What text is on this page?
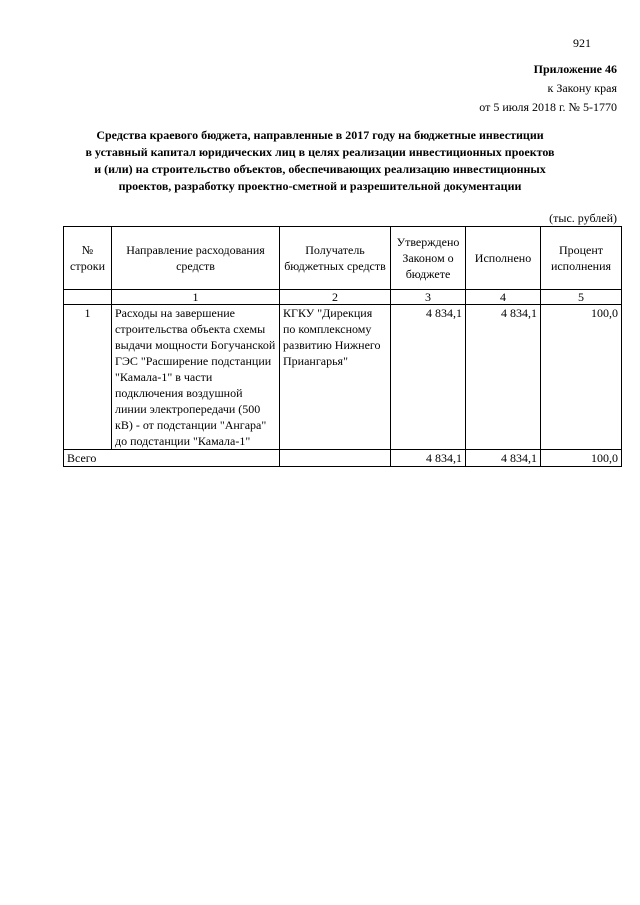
921
Приложение 46
к Закону края
от 5 июля 2018 г. № 5-1770
Средства краевого бюджета, направленные в 2017 году на бюджетные инвестиции
в уставный капитал юридических лиц в целях реализации инвестиционных проектов
и (или) на строительство объектов, обеспечивающих реализацию инвестиционных
проектов, разработку проектно-сметной и разрешительной документации
(тыс. рублей)
№ строки	Направление расходования средств	Получатель бюджетных средств	Утверждено Законом о бюджете	Исполнено	Процент исполнения
	1	2	3	4	5
1	Расходы на завершение строительства объекта схемы выдачи мощности Богучанской ГЭС "Расширение подстанции "Камала-1" в части подключения воздушной линии электропередачи (500 кВ) - от подстанции "Ангара" до подстанции "Камала-1"	КГКУ "Дирекция по комплексному развитию Нижнего Приангарья"	4 834,1	4 834,1	100,0
Всего			4 834,1	4 834,1	100,0
